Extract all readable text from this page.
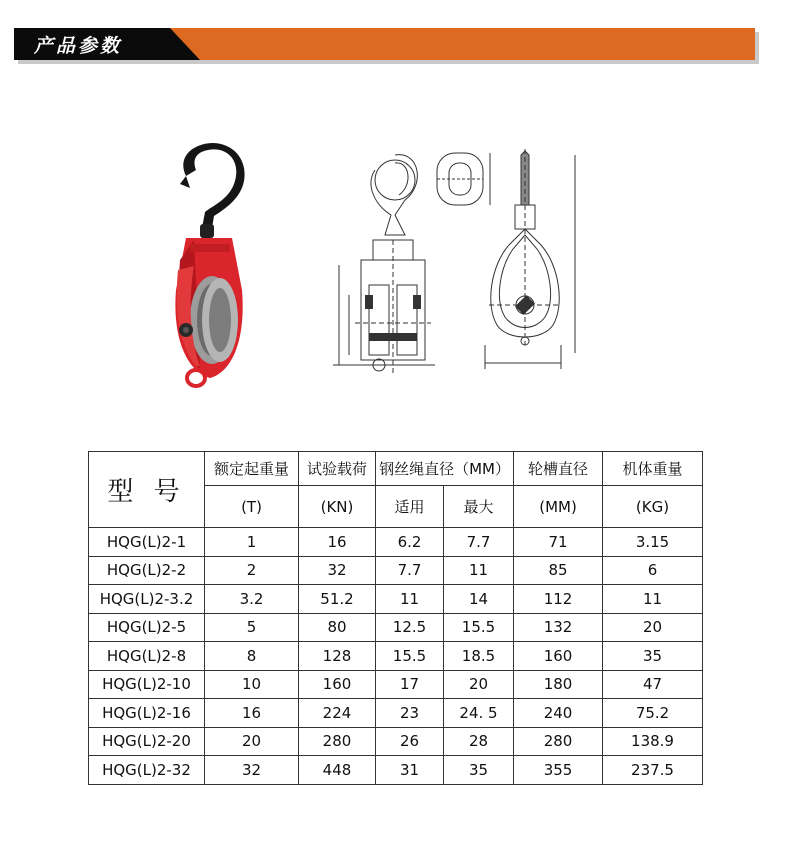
产品参数
型 号	额定起重量	试验载荷	钢丝绳直径（MM）		轮槽直径	机体重量
	(T)	(KN)	适用	最大	(MM)	(KG)
HQG(L)2-1	1	16	6.2	7.7	71	3.15
HQG(L)2-2	2	32	7.7	11	85	6
HQG(L)2-3.2	3.2	51.2	11	14	112	11
HQG(L)2-5	5	80	12.5	15.5	132	20
HQG(L)2-8	8	128	15.5	18.5	160	35
HQG(L)2-10	10	160	17	20	180	47
HQG(L)2-16	16	224	23	24. 5	240	75.2
HQG(L)2-20	20	280	26	28	280	138.9
HQG(L)2-32	32	448	31	35	355	237.5
